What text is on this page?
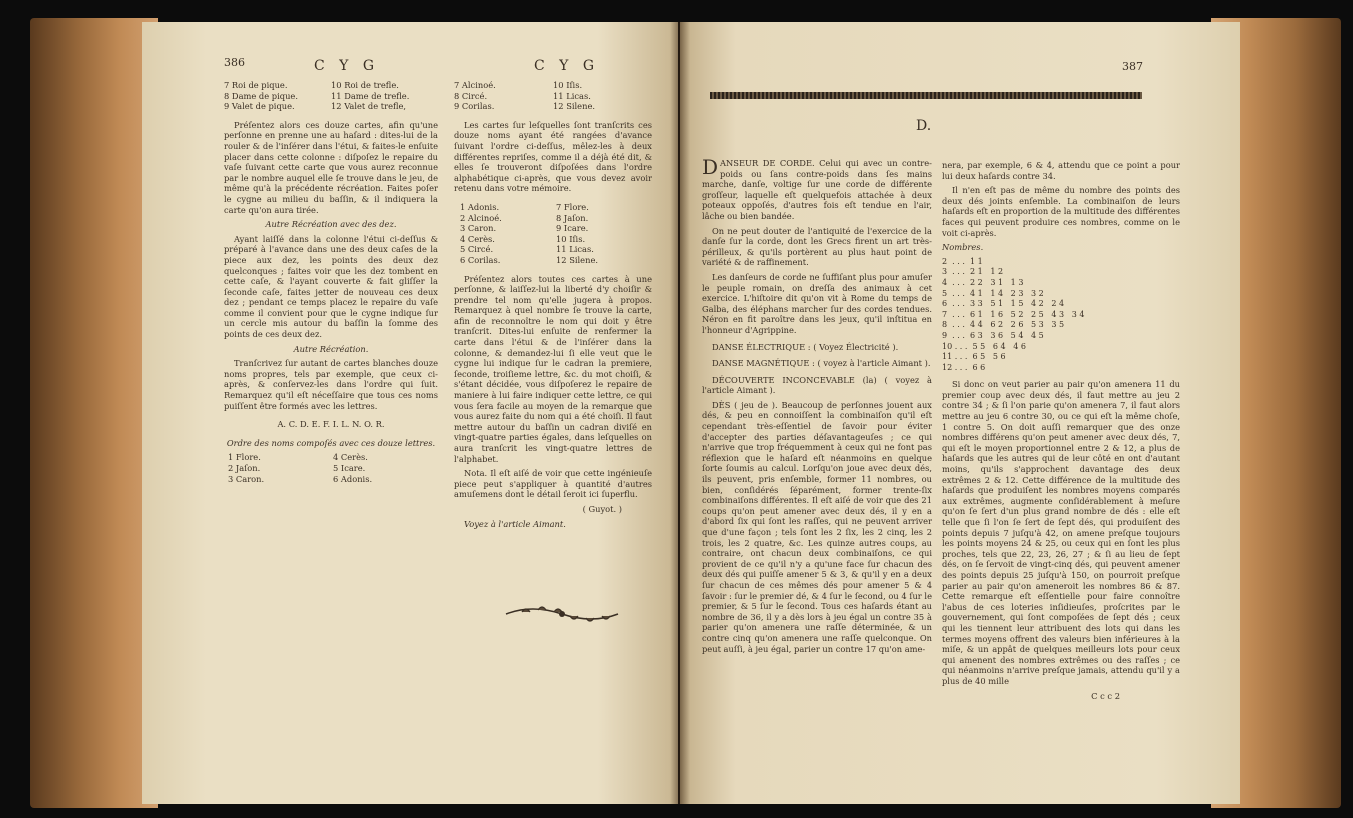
386	C Y G	C Y G
7 Roi de pique.	10 Roi de trefle.
8 Dame de pique.	11 Dame de trefle.
9 Valet de pique.	12 Valet de trefle,

Préſentez alors ces douze cartes, afin qu'une perſonne en prenne une au haſard : dites-lui de la rouler & de l'inſérer dans l'étui, & faites-le enſuite placer dans cette colonne : diſpoſez le repaire du vaſe ſuivant cette carte que vous aurez reconnue par le nombre auquel elle ſe trouve dans le jeu, de même qu'à la précédente récréation. Faites poſer le cygne au milieu du baſſin, & il indiquera la carte qu'on aura tirée.

Autre Récréation avec des dez.

Ayant laiſſé dans la colonne l'étui ci-deſſus & préparé à l'avance dans une des deux caſes de la piece aux dez, les points des deux dez quelconques ; faites voir que les dez tombent en cette caſe, & l'ayant couverte & fait gliſſer la ſeconde caſe, faites jetter de nouveau ces deux dez ; pendant ce temps placez le repaire du vaſe comme il convient pour que le cygne indique ſur un cercle mis autour du baſſin la ſomme des points de ces deux dez.

Autre Récréation.

Tranſcrivez ſur autant de cartes blanches douze noms propres, tels par exemple, que ceux ci-après, & conſervez-les dans l'ordre qui ſuit. Remarquez qu'il eſt néceſſaire que tous ces noms puiſſent être formés avec les lettres.

A. C. D. E. F. I. L. N. O. R.

Ordre des noms compoſés avec ces douze lettres.

1 Flore.	4 Cerès.
2 Jaſon.	5 Icare.
3 Caron.	6 Adonis.
7 Alcinoé.	10 Iſis.
8 Circé.	11 Licas.
9 Corilas.	12 Silene.

Les cartes ſur leſquelles ſont tranſcrits ces douze noms ayant été rangées d'avance ſuivant l'ordre ci-deſſus, mêlez-les à deux différentes repriſes, comme il a déjà été dit, & elles ſe trouveront diſpoſées dans l'ordre alphabétique ci-après, que vous devez avoir retenu dans votre mémoire.

1 Adonis.	7 Flore.
2 Alcinoé.	8 Jaſon.
3 Caron.	9 Icare.
4 Cerès.	10 Iſis.
5 Circé.	11 Licas.
6 Corilas.	12 Silene.

Préſentez alors toutes ces cartes à une perſonne, & laiſſez-lui la liberté d'y choiſir & prendre tel nom qu'elle jugera à propos. Remarquez à quel nombre ſe trouve la carte, afin de reconnoître le nom qui doit y être tranſcrit. Dites-lui enſuite de renfermer la carte dans l'étui & de l'inſérer dans la colonne, & demandez-lui ſi elle veut que le cygne lui indique ſur le cadran la premiere, ſeconde, troiſieme lettre, &c. du mot choiſi, & s'étant décidée, vous diſpoſerez le repaire de maniere à lui faire indiquer cette lettre, ce qui vous ſera facile au moyen de la remarque que vous aurez faite du nom qui a été choiſi. Il faut mettre autour du baſſin un cadran diviſé en vingt-quatre parties égales, dans leſquelles on aura tranſcrit les vingt-quatre lettres de l'alphabet.

Nota. Il eſt aiſé de voir que cette ingénieuſe piece peut s'appliquer à quantité d'autres amuſemens dont le détail ſeroit ici ſuperflu.

( Guyot. )

Voyez à l'article Aimant.

387
D.

DANSEUR DE CORDE. Celui qui avec un contre-poids ou ſans contre-poids dans ſes mains marche, danſe, voltige ſur une corde de différente groſſeur, laquelle eſt quelquefois attachée à deux poteaux oppoſés, d'autres fois eſt tendue en l'air, lâche ou bien bandée.

On ne peut douter de l'antiquité de l'exercice de la danſe ſur la corde, dont les Grecs firent un art très-périlleux, & qu'ils portèrent au plus haut point de variété & de raffinement.

Les danſeurs de corde ne ſuffiſant plus pour amuſer le peuple romain, on dreſſa des animaux à cet exercice. L'hiſtoire dit qu'on vit à Rome du temps de Galba, des éléphans marcher ſur des cordes tendues. Néron en fit paroître dans les jeux, qu'il inſtitua en l'honneur d'Agrippine.

DANSE ÉLECTRIQUE : ( Voyez Électricité ).

DANSE MAGNÉTIQUE : ( voyez à l'article Aimant ).

DÉCOUVERTE INCONCEVABLE (la) ( voyez à l'article Aimant ).

DÈS ( jeu de ). Beaucoup de perſonnes jouent aux dés, & peu en connoiſſent la combinaiſon qu'il eſt cependant très-eſſentiel de ſavoir pour éviter d'accepter des parties déſavantageuſes ; ce qui n'arrive que trop fréquemment à ceux qui ne font pas réflexion que le haſard eſt néanmoins en quelque ſorte ſoumis au calcul. Lorſqu'on joue avec deux dés, ils peuvent, pris enſemble, former 11 nombres, ou bien, conſidérés ſéparément, former trente-ſix combinaiſons différentes. Il eſt aiſé de voir que des 21 coups qu'on peut amener avec deux dés, il y en a d'abord ſix qui ſont les raſſes, qui ne peuvent arriver que d'une façon ; tels ſont les 2 ſix, les 2 cinq, les 2 trois, les 2 quatre, &c. Les quinze autres coups, au contraire, ont chacun deux combinaiſons, ce qui provient de ce qu'il n'y a qu'une face ſur chacun des deux dés qui puiſſe amener 5 & 3, & qu'il y en a deux ſur chacun de ces mêmes dés pour amener 5 & 4 ſavoir : ſur le premier dé, & 4 ſur le ſecond, ou 4 ſur le premier, & 5 ſur le ſecond. Tous ces haſards étant au nombre de 36, il y a dès lors à jeu égal un contre 35 à parier qu'on amenera une raſſe déterminée, & un contre cinq qu'on amenera une raſſe quelconque. On peut auſſi, à jeu égal, parier un contre 17 qu'on ame-

nera, par exemple, 6 & 4, attendu que ce point a pour lui deux haſards contre 34.

Il n'en eſt pas de même du nombre des points des deux dés joints enſemble. La combinaiſon de leurs haſards eſt en proportion de la multitude des différentes faces qui peuvent produire ces nombres, comme on le voit ci-après.

Nombres.

2  . . .  1 1
3  . . .  2 1   1 2
4  . . .  2 2   3 1   1 3
5  . . .  4 1   1 4   2 3   3 2
6  . . .  3 3   5 1   1 5   4 2   2 4
7  . . .  6 1   1 6   5 2   2 5   4 3   3 4
8  . . .  4 4   6 2   2 6   5 3   3 5
9  . . .  6 3   3 6   5 4   4 5
10 . . .  5 5   6 4   4 6
11 . . .  6 5   5 6
12 . . .  6 6

Si donc on veut parier au pair qu'on amenera 11 du premier coup avec deux dés, il faut mettre au jeu 2 contre 34 ; & ſi l'on parie qu'on amenera 7, il faut alors mettre au jeu 6 contre 30, ou ce qui eſt la même choſe, 1 contre 5. On doit auſſi remarquer que des onze nombres différens qu'on peut amener avec deux dés, 7, qui eſt le moyen proportionnel entre 2 & 12, a plus de haſards que les autres qui de leur côté en ont d'autant moins, qu'ils s'approchent davantage des deux extrêmes 2 & 12. Cette différence de la multitude des haſards que produiſent les nombres moyens comparés aux extrêmes, augmente conſidérablement à meſure qu'on ſe ſert d'un plus grand nombre de dés : elle eſt telle que ſi l'on ſe ſert de ſept dés, qui produiſent des points depuis 7 juſqu'à 42, on amene preſque toujours les points moyens 24 & 25, ou ceux qui en ſont les plus proches, tels que 22, 23, 26, 27 ; & ſi au lieu de ſept dés, on ſe ſervoit de vingt-cinq dés, qui peuvent amener des points depuis 25 juſqu'à 150, on pourroit preſque parier au pair qu'on ameneroit les nombres 86 & 87. Cette remarque eſt eſſentielle pour faire connoître l'abus de ces loteries inſidieuſes, proſcrites par le gouvernement, qui ſont compoſées de ſept dés ; ceux qui les tiennent leur attribuent des lots qui dans les termes moyens offrent des valeurs bien inférieures à la miſe, & un appât de quelques meilleurs lots pour ceux qui amenent des nombres extrêmes ou des raſſes ; ce qui néanmoins n'arrive preſque jamais, attendu qu'il y a plus de 40 mille

C c c 2
